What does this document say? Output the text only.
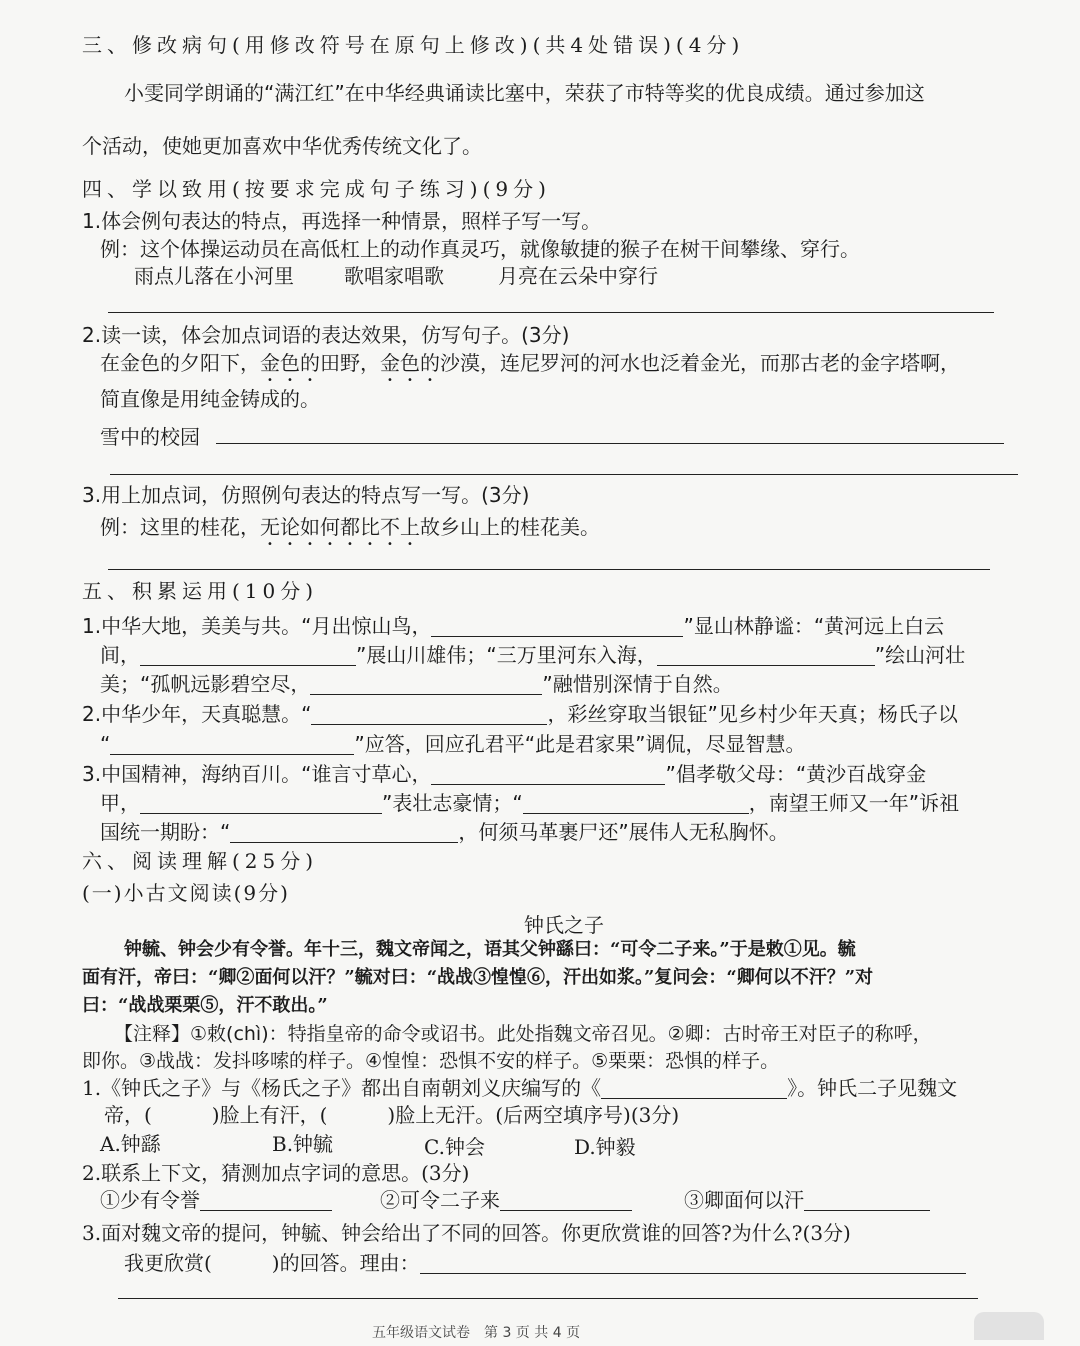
三、修改病句(用修改符号在原句上修改)(共4处错误)(4分)
小雯同学朗诵的“满江红”在中华经典诵读比塞中，荣获了市特等奖的优良成绩。通过参加这
个活动，使她更加喜欢中华优秀传统文化了。
四、学以致用(按要求完成句子练习)(9分)
1.体会例句表达的特点，再选择一种情景，照样子写一写。
例：这个体操运动员在高低杠上的动作真灵巧，就像敏捷的猴子在树干间攀缘、穿行。
雨点儿落在小河里	歌唱家唱歌	月亮在云朵中穿行
2.读一读，体会加点词语的表达效果，仿写句子。(3分)
在金色的夕阳下，金色的田野，金色的沙漠，连尼罗河的河水也泛着金光，而那古老的金字塔啊，
简直像是用纯金铸成的。
雪中的校园
3.用上加点词，仿照例句表达的特点写一写。(3分)
例：这里的桂花，无论如何都比不上故乡山上的桂花美。
五、积累运用(10分)
1.中华大地，美美与共。“月出惊山鸟，	”显山林静谧：“黄河远上白云
间，	”展山川雄伟；“三万里河东入海，	”绘山河壮
美；“孤帆远影碧空尽，	”融惜别深情于自然。
2.中华少年，天真聪慧。“	，彩丝穿取当银钲”见乡村少年天真；杨氏子以
“	”应答，回应孔君平“此是君家果”调侃，尽显智慧。
3.中国精神，海纳百川。“谁言寸草心，	”倡孝敬父母：“黄沙百战穿金
甲，	”表壮志豪情；“	，南望王师又一年”诉祖
国统一期盼：“	，何须马革裹尸还”展伟人无私胸怀。
六、阅读理解(25分)
(一)小古文阅读(9分)
钟氏之子
钟毓、钟会少有令誉。年十三，魏文帝闻之，语其父钟繇曰：“可令二子来。”于是敕①见。毓
面有汗，帝曰：“卿②面何以汗？”毓对曰：“战战③惶惶⑥，汗出如浆。”复问会：“卿何以不汗？”对
曰：“战战栗栗⑤，汗不敢出。”
【注释】①敕(chì)：特指皇帝的命令或诏书。此处指魏文帝召见。②卿：古时帝王对臣子的称呼，
即你。③战战：发抖哆嗦的样子。④惶惶：恐惧不安的样子。⑤栗栗：恐惧的样子。
1.《钟氏之子》与《杨氏之子》都出自南朝刘义庆编写的《	》。钟氏二子见魏文
帝，(　　　)脸上有汗，(　　　)脸上无汗。(后两空填序号)(3分)
A.钟繇	B.钟毓	C.钟会	D.钟毅
2.联系上下文，猜测加点字词的意思。(3分)
①少有令誉	②可令二子来	③卿面何以汗
3.面对魏文帝的提问，钟毓、钟会给出了不同的回答。你更欣赏谁的回答?为什么?(3分)
我更欣赏(　　　)的回答。理由：
五年级语文试卷　第 3 页 共 4 页
